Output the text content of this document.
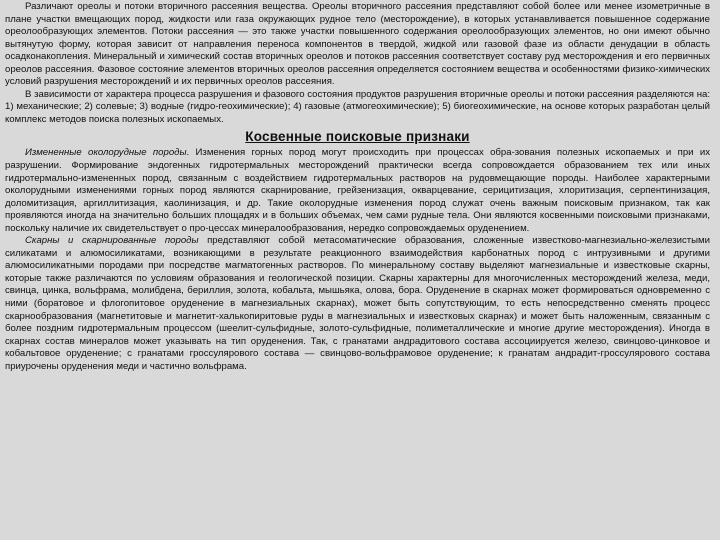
Различают ореолы и потоки вторичного рассеяния вещества. Ореолы вторичного рассеяния представляют собой более или менее изометричные в плане участки вмещающих пород, жидкости или газа окружающих рудное тело (месторождение), в которых устанавливается повышенное содержание ореолообразующих элементов. Потоки рассеяния — это также участки повышенного содержания ореолообразующих элементов, но они имеют обычно вытянутую форму, которая зависит от направления переноса компонентов в твердой, жидкой или газовой фазе из области денудации в область осадконакопления. Минеральный и химический состав вторичных ореолов и потоков рассеяния соответствует составу руд месторождения и его первичных ореолов рассеяния. Фазовое состояние элементов вторичных ореолов рассеяния определяется состоянием вещества и особенностями физико-химических условий разрушения месторождений и их первичных ореолов рассеяния.

В зависимости от характера процесса разрушения и фазового состояния продуктов разрушения вторичные ореолы и потоки рассеяния разделяются на: 1) механические; 2) солевые; 3) водные (гидро-геохимические); 4) газовые (атмогеохимические); 5) биогеохимические, на основе которых разработан целый комплекс методов поиска полезных ископаемых.

Косвенные поисковые признаки

Измененные околорудные породы. Изменения горных пород могут происходить при процессах обра-зования полезных ископаемых и при их разрушении. Формирование эндогенных гидротермальных месторождений практически всегда сопровождается образованием тех или иных гидротермально-измененных пород, связанным с воздействием гидротермальных растворов на рудовмещающие породы. Наиболее характерными околорудными изменениями горных пород являются скарнирование, грейзенизация, окварцевание, серицитизация, хлоритизация, серпентинизация, доломитизация, аргиллитизация, каолинизация, и др. Такие околорудные изменения пород служат очень важным поисковым признаком, так как проявляются иногда на значительно больших площадях и в больших объемах, чем сами рудные тела. Они являются косвенными поисковыми признаками, поскольку наличие их свидетельствует о про-цессах минералообразования, нередко сопровождаемых оруденением.

Скарны и скарнированные породы представляют собой метасоматические образования, сложенные известково-магнезиально-железистыми силикатами и алюмосиликатами, возникающими в результате реакционного взаимодействия карбонатных пород с интрузивными и другими алюмосиликатными породами при посредстве магматогенных растворов. По минеральному составу выделяют магнезиальные и известковые скарны, которые также различаются по условиям образования и геологической позиции. Скарны характерны для многочисленных месторождений железа, меди, свинца, цинка, вольфрама, молибдена, бериллия, золота, кобальта, мышьяка, олова, бора. Оруденение в скарнах может формироваться одновременно с ними (боратовое и флогопитовое оруденение в магнезиальных скарнах), может быть сопутствующим, то есть непосредственно сменять процесс скарнообразования (магнетитовые и магнетит-халькопиритовые руды в магнезиальных и известковых скарнах) и может быть наложенным, связанным с более поздним гидротермальным процессом (шеелит-сульфидные, золото-сульфидные, полиметаллические и многие другие месторождения). Иногда в скарнах состав минералов может указывать на тип оруденения. Так, с гранатами андрадитового состава ассоциируется железо, свинцово-цинковое и кобальтовое оруденение; с гранатами гроссулярового состава — свинцово-вольфрамовое оруденение; к гранатам андрадит-гроссулярового состава приурочены оруденения меди и частично вольфрама.
